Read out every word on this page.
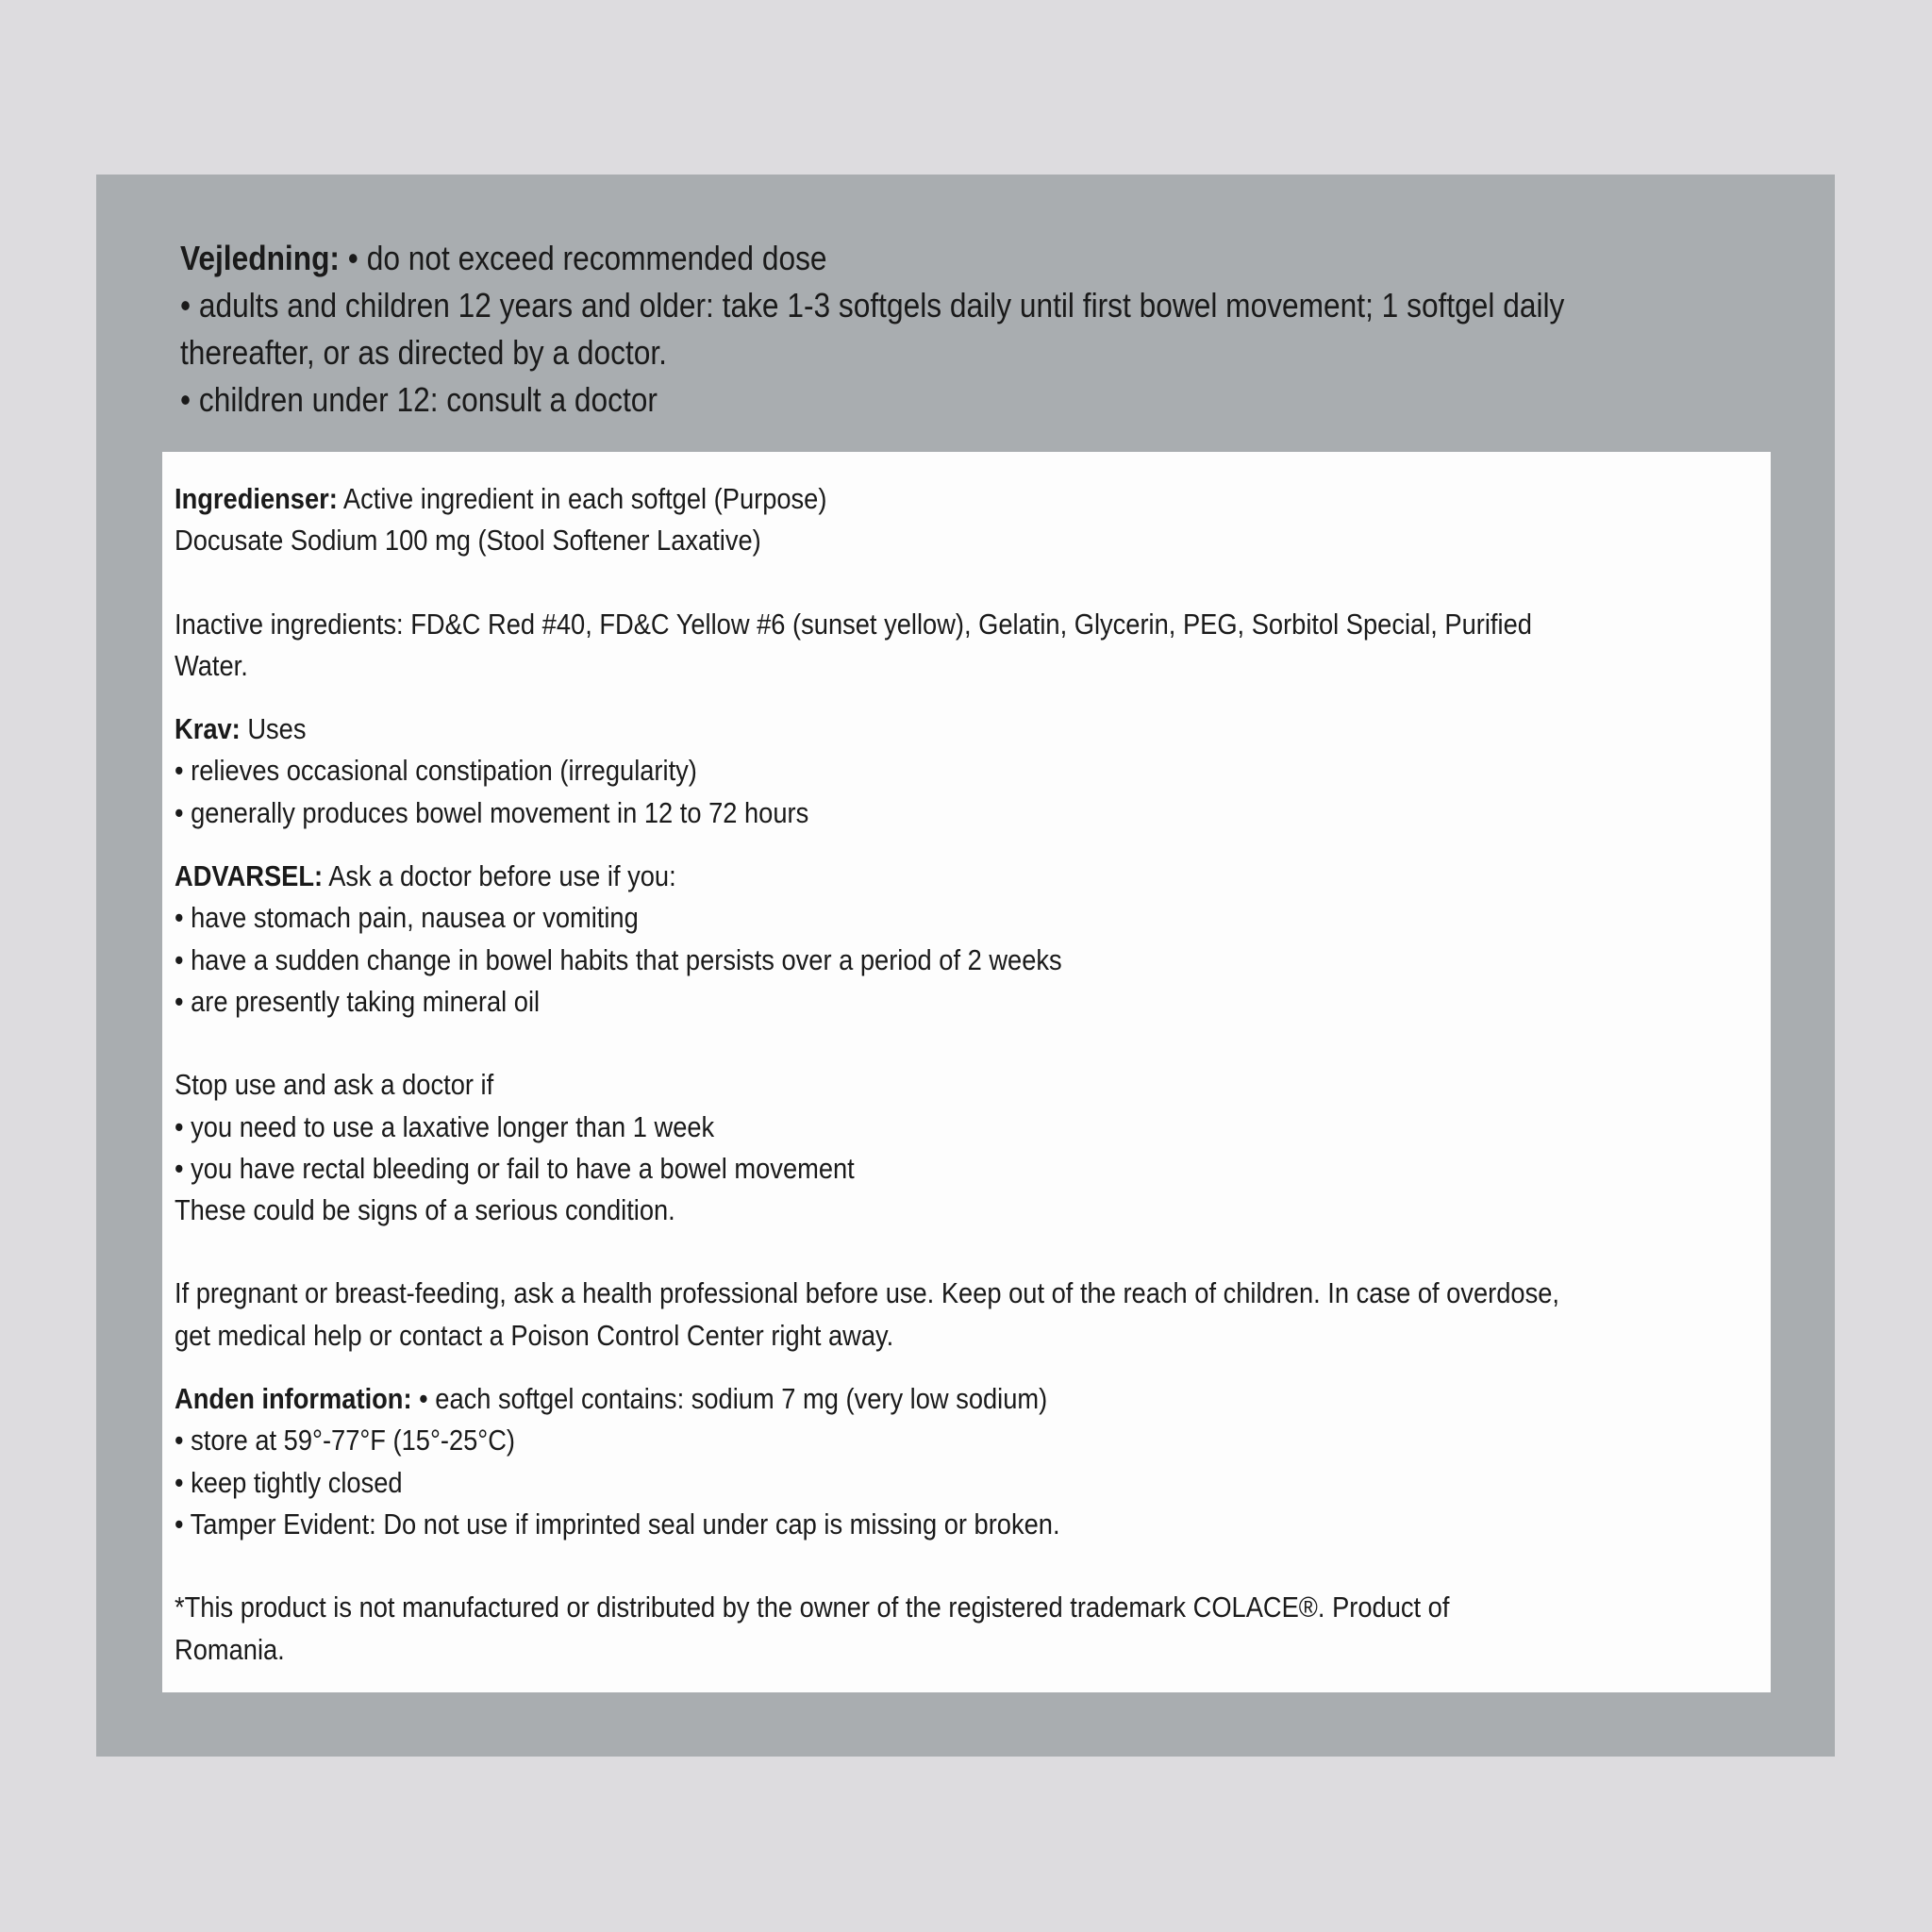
Vejledning: • do not exceed recommended dose

• adults and children 12 years and older: take 1-3 softgels daily until first bowel movement; 1 softgel daily

thereafter, or as directed by a doctor.

• children under 12: consult a doctor

Ingredienser: Active ingredient in each softgel (Purpose)

Docusate Sodium 100 mg (Stool Softener Laxative)

Inactive ingredients: FD&C Red #40, FD&C Yellow #6 (sunset yellow), Gelatin, Glycerin, PEG, Sorbitol Special, Purified

Water.

Krav: Uses

• relieves occasional constipation (irregularity)

• generally produces bowel movement in 12 to 72 hours

ADVARSEL: Ask a doctor before use if you:

• have stomach pain, nausea or vomiting

• have a sudden change in bowel habits that persists over a period of 2 weeks

• are presently taking mineral oil

Stop use and ask a doctor if

• you need to use a laxative longer than 1 week

• you have rectal bleeding or fail to have a bowel movement

These could be signs of a serious condition.

If pregnant or breast-feeding, ask a health professional before use. Keep out of the reach of children. In case of overdose,

get medical help or contact a Poison Control Center right away.

Anden information: • each softgel contains: sodium 7 mg (very low sodium)

• store at 59°-77°F (15°-25°C)

• keep tightly closed

• Tamper Evident: Do not use if imprinted seal under cap is missing or broken.

*This product is not manufactured or distributed by the owner of the registered trademark COLACE®. Product of

Romania.
